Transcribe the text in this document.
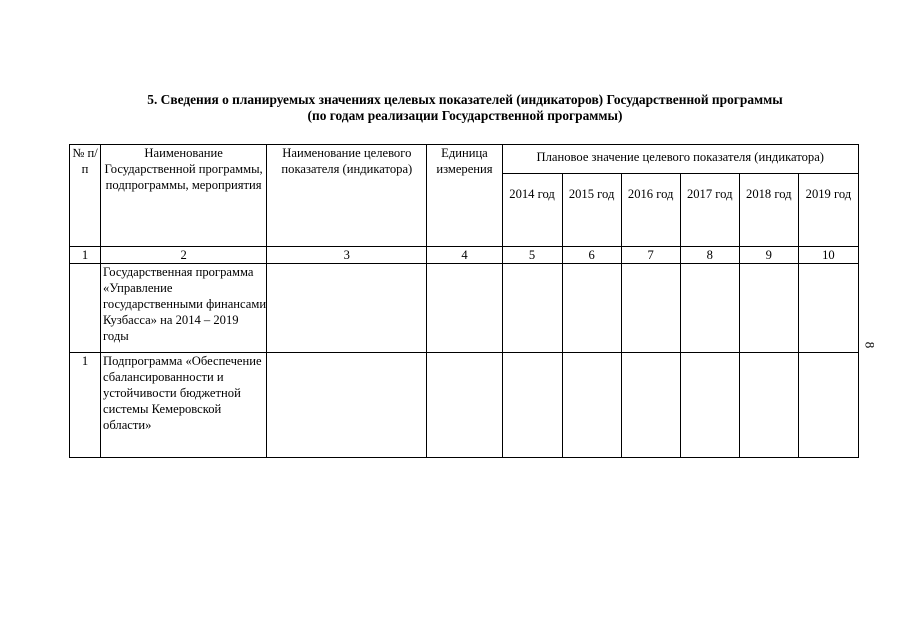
5. Сведения о планируемых значениях целевых показателей (индикаторов) Государственной программы
(по годам реализации Государственной программы)
№ п/п	Наименование Государственной программы, подпрограммы, мероприятия	Наименование целевого показателя (индикатора)	Единица измерения	Плановое значение целевого показателя (индикатора)					
				2014 год	2015 год	2016 год	2017 год	2018 год	2019 год
1	2	3	4	5	6	7	8	9	10
	Государственная программа «Управление государственными финансами Кузбасса» на 2014 – 2019 годы								
1	Подпрограмма «Обеспечение сбалансированности и устойчивости бюджетной системы Кемеровской области»								
8
